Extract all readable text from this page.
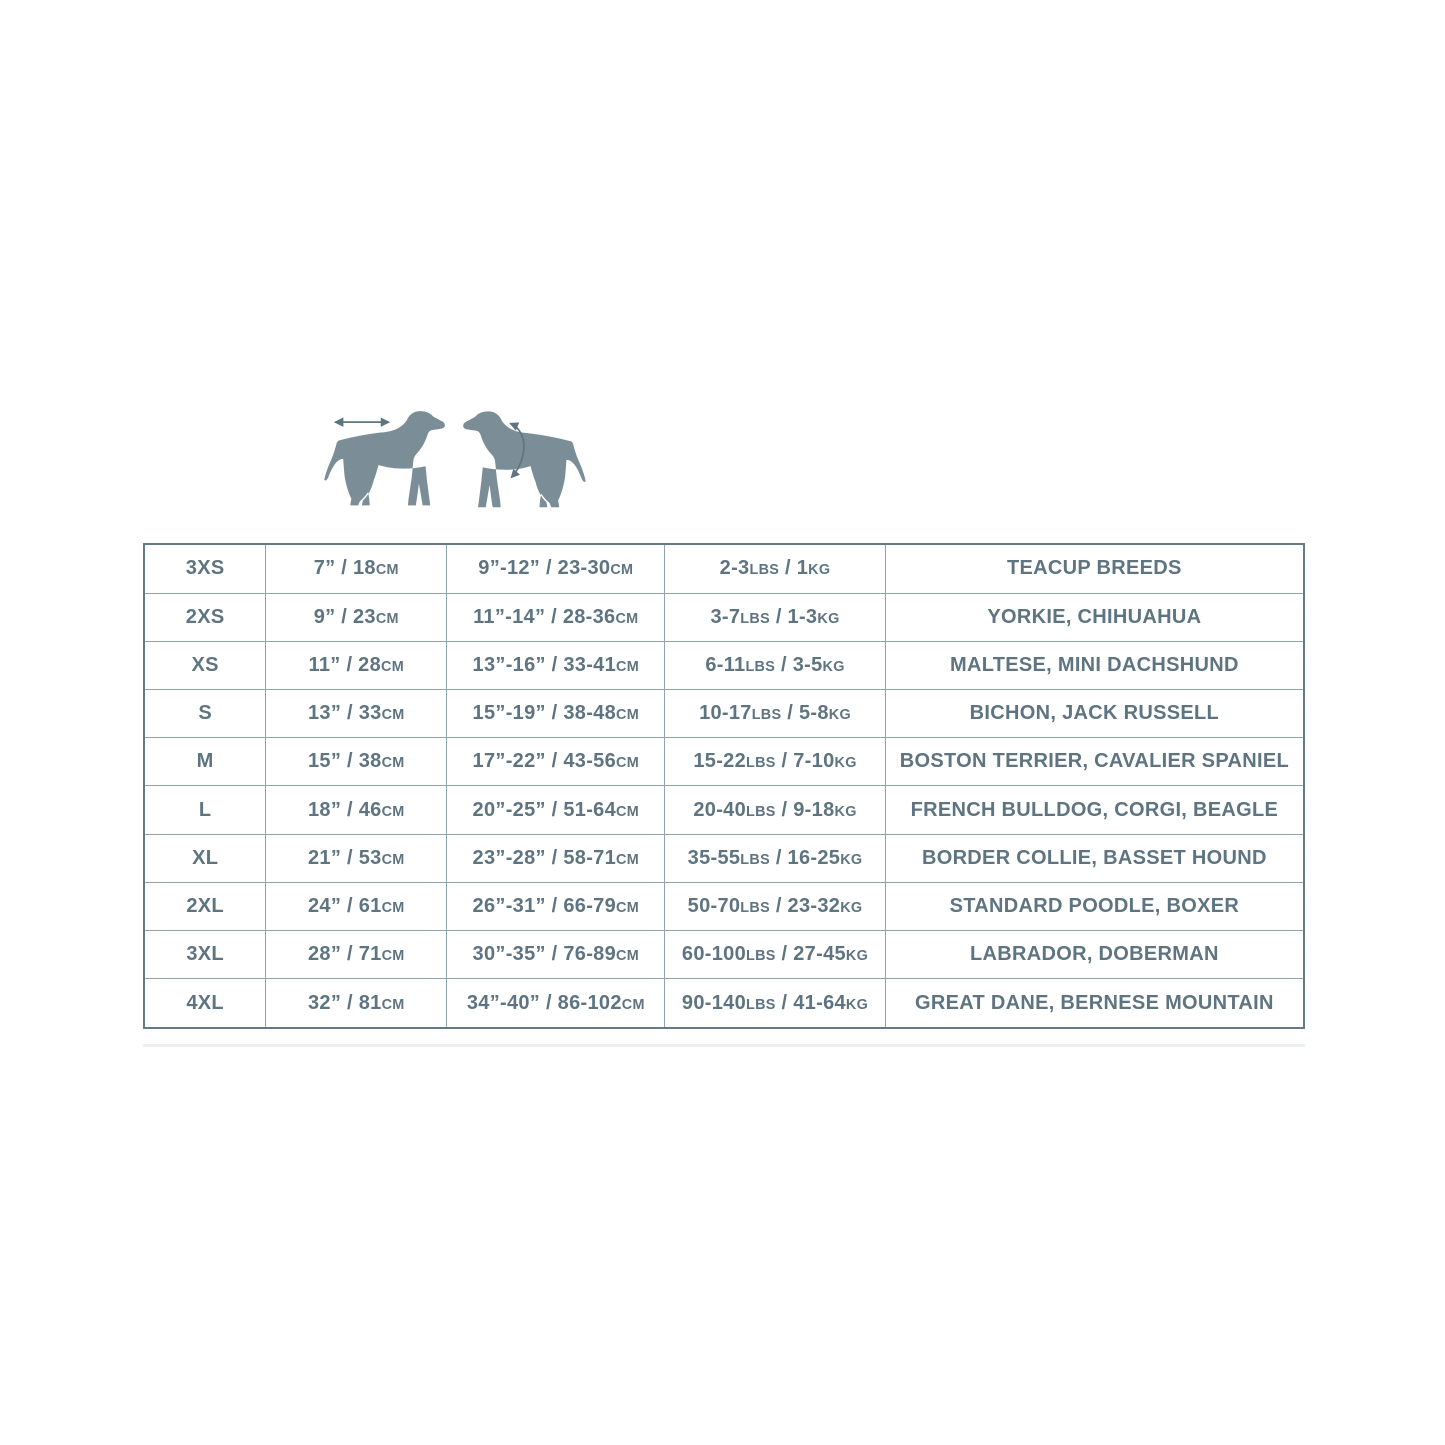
3XS	7” / 18CM	9”-12” / 23-30CM	2-3LBS / 1KG	TEACUP BREEDS
2XS	9” / 23CM	11”-14” / 28-36CM	3-7LBS / 1-3KG	YORKIE, CHIHUAHUA
XS	11” / 28CM	13”-16” / 33-41CM	6-11LBS / 3-5KG	MALTESE, MINI DACHSHUND
S	13” / 33CM	15”-19” / 38-48CM	10-17LBS / 5-8KG	BICHON, JACK RUSSELL
M	15” / 38CM	17”-22” / 43-56CM	15-22LBS / 7-10KG	BOSTON TERRIER, CAVALIER SPANIEL
L	18” / 46CM	20”-25” / 51-64CM	20-40LBS / 9-18KG	FRENCH BULLDOG, CORGI, BEAGLE
XL	21” / 53CM	23”-28” / 58-71CM	35-55LBS / 16-25KG	BORDER COLLIE, BASSET HOUND
2XL	24” / 61CM	26”-31” / 66-79CM	50-70LBS / 23-32KG	STANDARD POODLE, BOXER
3XL	28” / 71CM	30”-35” / 76-89CM	60-100LBS / 27-45KG	LABRADOR, DOBERMAN
4XL	32” / 81CM	34”-40” / 86-102CM	90-140LBS / 41-64KG	GREAT DANE, BERNESE MOUNTAIN
